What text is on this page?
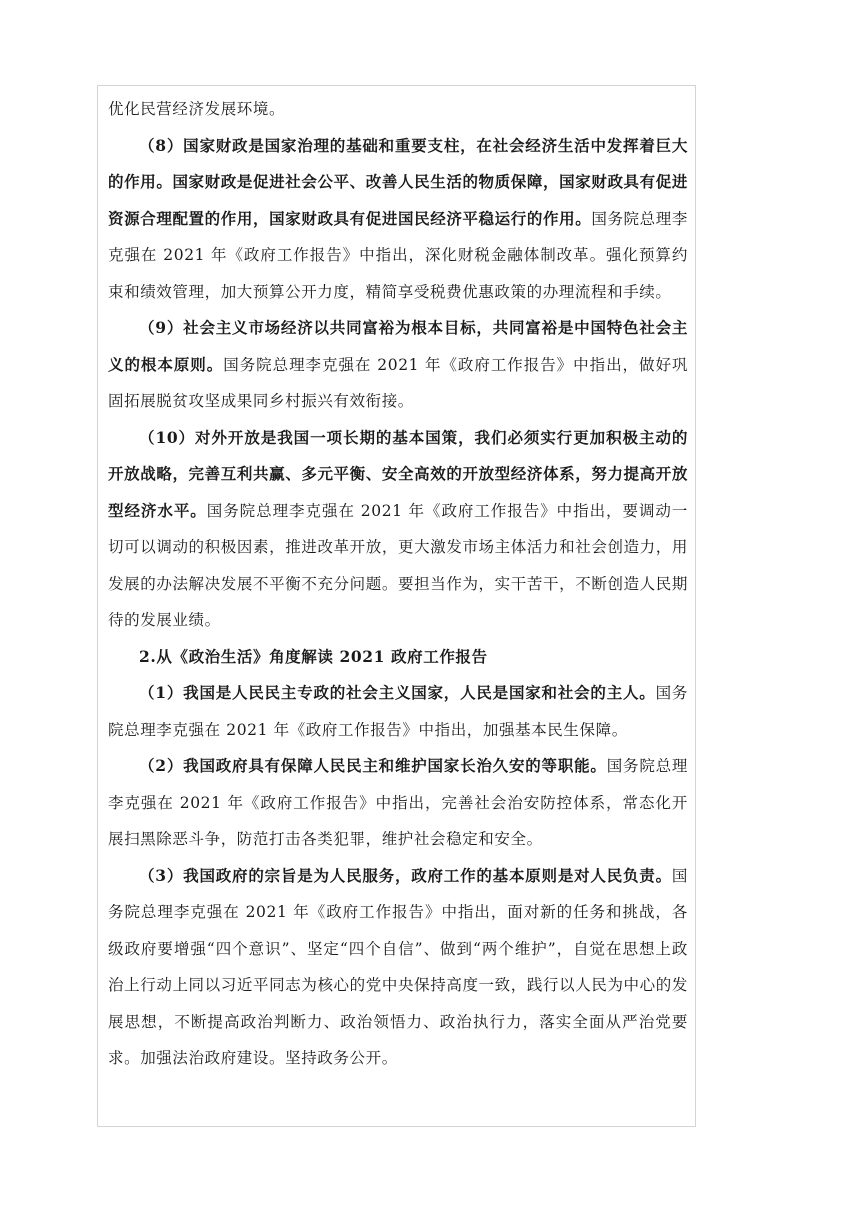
优化民营经济发展环境。

（8）国家财政是国家治理的基础和重要支柱，在社会经济生活中发挥着巨大的作用。国家财政是促进社会公平、改善人民生活的物质保障，国家财政具有促进资源合理配置的作用，国家财政具有促进国民经济平稳运行的作用。国务院总理李克强在 2021 年《政府工作报告》中指出，深化财税金融体制改革。强化预算约束和绩效管理，加大预算公开力度，精简享受税费优惠政策的办理流程和手续。

（9）社会主义市场经济以共同富裕为根本目标，共同富裕是中国特色社会主义的根本原则。国务院总理李克强在 2021 年《政府工作报告》中指出，做好巩固拓展脱贫攻坚成果同乡村振兴有效衔接。

（10）对外开放是我国一项长期的基本国策，我们必须实行更加积极主动的开放战略，完善互利共赢、多元平衡、安全高效的开放型经济体系，努力提高开放型经济水平。国务院总理李克强在 2021 年《政府工作报告》中指出，要调动一切可以调动的积极因素，推进改革开放，更大激发市场主体活力和社会创造力，用发展的办法解决发展不平衡不充分问题。要担当作为，实干苦干，不断创造人民期待的发展业绩。

2.从《政治生活》角度解读 2021 政府工作报告

（1）我国是人民民主专政的社会主义国家，人民是国家和社会的主人。国务院总理李克强在 2021 年《政府工作报告》中指出，加强基本民生保障。

（2）我国政府具有保障人民民主和维护国家长治久安的等职能。国务院总理李克强在 2021 年《政府工作报告》中指出，完善社会治安防控体系，常态化开展扫黑除恶斗争，防范打击各类犯罪，维护社会稳定和安全。

（3）我国政府的宗旨是为人民服务，政府工作的基本原则是对人民负责。国务院总理李克强在 2021 年《政府工作报告》中指出，面对新的任务和挑战，各级政府要增强“四个意识”、坚定“四个自信”、做到“两个维护”，自觉在思想上政治上行动上同以习近平同志为核心的党中央保持高度一致，践行以人民为中心的发展思想，不断提高政治判断力、政治领悟力、政治执行力，落实全面从严治党要求。加强法治政府建设。坚持政务公开。
